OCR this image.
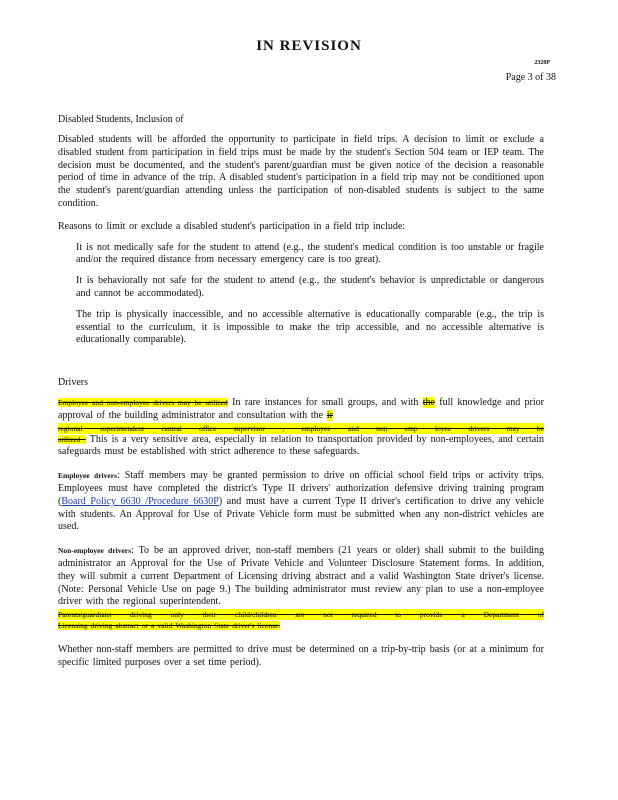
IN REVISION
2320P
Page 3 of 38

Disabled Students, Inclusion of

Disabled students will be afforded the opportunity to participate in field trips. A decision to limit or exclude a disabled student from participation in field trips must be made by the student's Section 504 team or IEP team. The decision must be documented, and the student's parent/guardian must be given notice of the decision a reasonable period of time in advance of the trip. A disabled student's participation in a field trip may not be conditioned upon the student's parent/guardian attending unless the participation of non-disabled students is subject to the same condition.

Reasons to limit or exclude a disabled student's participation in a field trip include:

It is not medically safe for the student to attend (e.g., the student's medical condition is too unstable or fragile and/or the required distance from necessary emergency care is too great).
It is behaviorally not safe for the student to attend (e.g., the student's behavior is unpredictable or dangerous and cannot be accommodated).
The trip is physically inaccessible, and no accessible alternative is educationally comparable (e.g., the trip is essential to the curriculum, it is impossible to make the trip accessible, and no accessible alternative is educationally comparable).

Drivers

Employee and non-employee drivers may be utilized In rare instances for small groups, and with the full knowledge and prior approval of the building administrator and consultation with the ir
regional superintendent central office supervisor , employee and non emp loyee drivers may be
utilized . This is a very sensitive area, especially in relation to transportation provided by non-employees, and certain safeguards must be established with strict adherence to these safeguards.

Employee drivers: Staff members may be granted permission to drive on official school field trips or activity trips. Employees must have completed the district's Type II drivers' authorization defensive driving training program (Board Policy 6630 /Procedure 6630P) and must have a current Type II driver's certification to drive any vehicle with students. An Approval for Use of Private Vehicle form must be submitted when any non-district vehicles are used.

Non-employee drivers: To be an approved driver, non-staff members (21 years or older) shall submit to the building administrator an Approval for the Use of Private Vehicle and Volunteer Disclosure Statement forms. In addition, they will submit a current Department of Licensing driving abstract and a valid Washington State driver's license. (Note: Personal Vehicle Use on page 9.) The building administrator must review any plan to use a non-employee driver with the regional superintendent.
Parents/guardians driving only their child/children are not required to provide a Department of
Licensing driving abstract or a valid Washington State driver's license.

Whether non-staff members are permitted to drive must be determined on a trip-by-trip basis (or at a minimum for specific limited purposes over a set time period).
